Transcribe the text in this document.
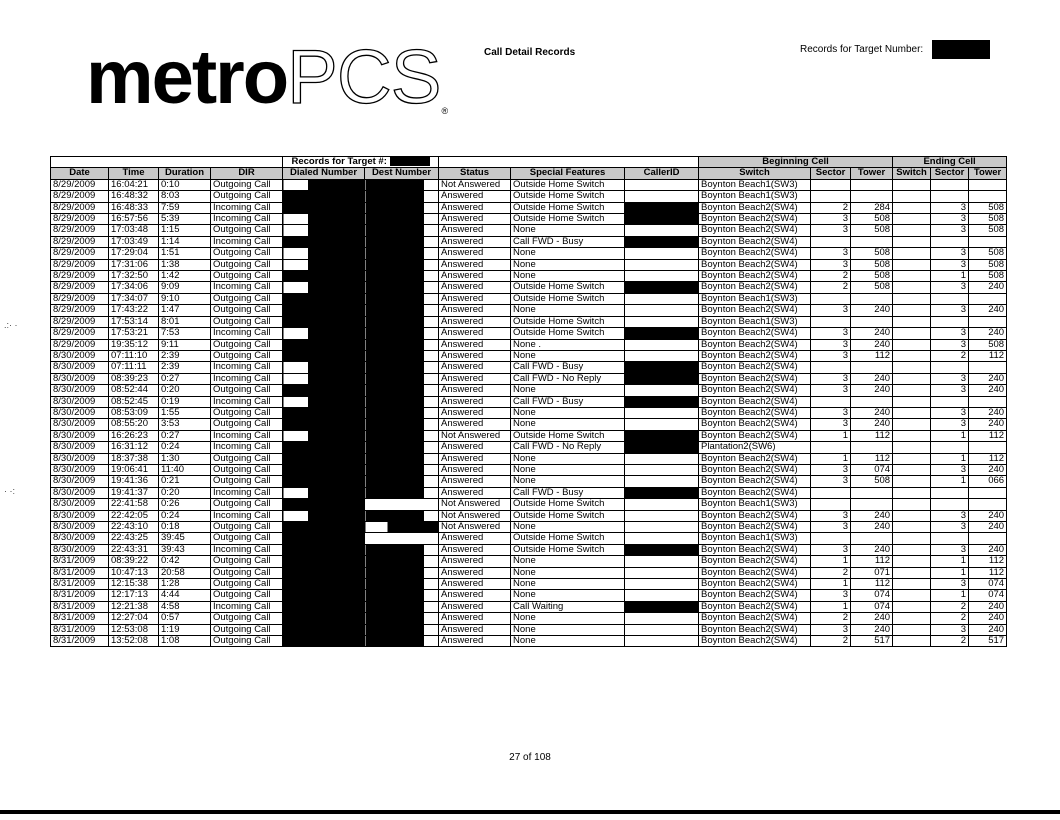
metroPCS®
Call Detail Records	Records for Target Number:
.:· ·
· ·:
				Records for Target #:					Beginning Cell			Ending Cell		
Date	Time	Duration	DIR	Dialed Number	Dest Number	Status	Special Features	CallerID	Switch	Sector	Tower	Switch	Sector	Tower
8/29/2009	16:04:21	0:10	Outgoing Call			Not Answered	Outside Home Switch		Boynton Beach1(SW3)					
8/29/2009	16:48:32	8:03	Outgoing Call			Answered	Outside Home Switch		Boynton Beach1(SW3)					
8/29/2009	16:48:33	7:59	Incoming Call			Answered	Outside Home Switch		Boynton Beach2(SW4)	2	284		3	508
8/29/2009	16:57:56	5:39	Incoming Call			Answered	Outside Home Switch		Boynton Beach2(SW4)	3	508		3	508
8/29/2009	17:03:48	1:15	Outgoing Call			Answered	None		Boynton Beach2(SW4)	3	508		3	508
8/29/2009	17:03:49	1:14	Incoming Call			Answered	Call FWD - Busy		Boynton Beach2(SW4)					
8/29/2009	17:29:04	1:51	Outgoing Call			Answered	None		Boynton Beach2(SW4)	3	508		3	508
8/29/2009	17:31:06	1:38	Outgoing Call			Answered	None		Boynton Beach2(SW4)	3	508		3	508
8/29/2009	17:32:50	1:42	Outgoing Call			Answered	None		Boynton Beach2(SW4)	2	508		1	508
8/29/2009	17:34:06	9:09	Incoming Call			Answered	Outside Home Switch		Boynton Beach2(SW4)	2	508		3	240
8/29/2009	17:34:07	9:10	Outgoing Call			Answered	Outside Home Switch		Boynton Beach1(SW3)					
8/29/2009	17:43:22	1:47	Outgoing Call			Answered	None		Boynton Beach2(SW4)	3	240		3	240
8/29/2009	17:53:14	8:01	Outgoing Call			Answered	Outside Home Switch		Boynton Beach1(SW3)					
8/29/2009	17:53:21	7:53	Incoming Call			Answered	Outside Home Switch		Boynton Beach2(SW4)	3	240		3	240
8/29/2009	19:35:12	9:11	Outgoing Call			Answered	None .		Boynton Beach2(SW4)	3	240		3	508
8/30/2009	07:11:10	2:39	Outgoing Call			Answered	None		Boynton Beach2(SW4)	3	112		2	112
8/30/2009	07:11:11	2:39	Incoming Call			Answered	Call FWD - Busy		Boynton Beach2(SW4)					
8/30/2009	08:39:23	0:27	Incoming Call			Answered	Call FWD - No Reply		Boynton Beach2(SW4)	3	240		3	240
8/30/2009	08:52:44	0:20	Outgoing Call			Answered	None		Boynton Beach2(SW4)	3	240		3	240
8/30/2009	08:52:45	0:19	Incoming Call			Answered	Call FWD - Busy		Boynton Beach2(SW4)					
8/30/2009	08:53:09	1:55	Outgoing Call			Answered	None		Boynton Beach2(SW4)	3	240		3	240
8/30/2009	08:55:20	3:53	Outgoing Call			Answered	None		Boynton Beach2(SW4)	3	240		3	240
8/30/2009	16:26:23	0:27	Incoming Call			Not Answered	Outside Home Switch		Boynton Beach2(SW4)	1	112		1	112
8/30/2009	16:31:12	0:24	Incoming Call			Answered	Call FWD - No Reply		Plantation2(SW6)					
8/30/2009	18:37:38	1:30	Outgoing Call			Answered	None		Boynton Beach2(SW4)	1	112		1	112
8/30/2009	19:06:41	11:40	Outgoing Call			Answered	None		Boynton Beach2(SW4)	3	074		3	240
8/30/2009	19:41:36	0:21	Outgoing Call			Answered	None		Boynton Beach2(SW4)	3	508		1	066
8/30/2009	19:41:37	0:20	Incoming Call			Answered	Call FWD - Busy		Boynton Beach2(SW4)					
8/30/2009	22:41:58	0:26	Outgoing Call			Not Answered	Outside Home Switch		Boynton Beach1(SW3)					
8/30/2009	22:42:05	0:24	Incoming Call			Not Answered	Outside Home Switch		Boynton Beach2(SW4)	3	240		3	240
8/30/2009	22:43:10	0:18	Outgoing Call			Not Answered	None		Boynton Beach2(SW4)	3	240		3	240
8/30/2009	22:43:25	39:45	Outgoing Call			Answered	Outside Home Switch		Boynton Beach1(SW3)					
8/30/2009	22:43:31	39:43	Incoming Call			Answered	Outside Home Switch		Boynton Beach2(SW4)	3	240		3	240
8/31/2009	08:39:22	0:42	Outgoing Call			Answered	None		Boynton Beach2(SW4)	1	112		1	112
8/31/2009	10:47:13	20:58	Outgoing Call			Answered	None		Boynton Beach2(SW4)	2	071		1	112
8/31/2009	12:15:38	1:28	Outgoing Call			Answered	None		Boynton Beach2(SW4)	1	112		3	074
8/31/2009	12:17:13	4:44	Outgoing Call			Answered	None		Boynton Beach2(SW4)	3	074		1	074
8/31/2009	12:21:38	4:58	Incoming Call			Answered	Call Waiting		Boynton Beach2(SW4)	1	074		2	240
8/31/2009	12:27:04	0:57	Outgoing Call			Answered	None		Boynton Beach2(SW4)	2	240		2	240
8/31/2009	12:53:08	1:19	Outgoing Call			Answered	None		Boynton Beach2(SW4)	3	240		3	240
8/31/2009	13:52:08	1:08	Outgoing Call			Answered	None		Boynton Beach2(SW4)	2	517		2	517
27 of 108
